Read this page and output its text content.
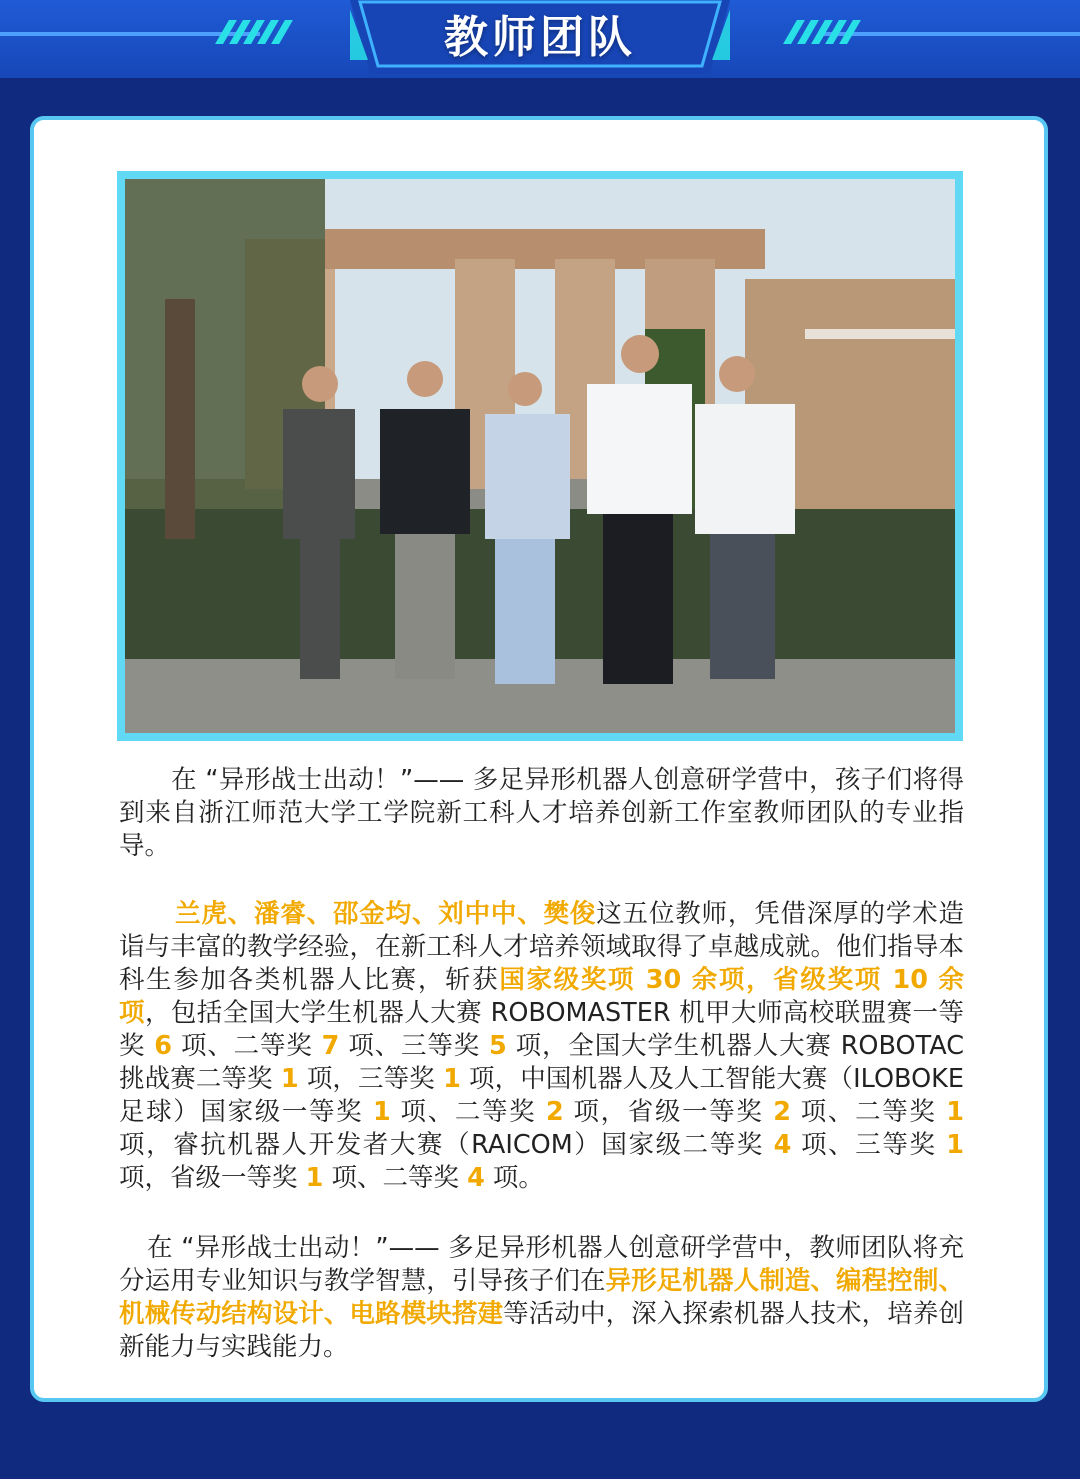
教师团队

在 “异形战士出动！”—— 多足异形机器人创意研学营中，孩子们将得到来自浙江师范大学工学院新工科人才培养创新工作室教师团队的专业指导。

兰虎、潘睿、邵金均、刘中中、樊俊这五位教师，凭借深厚的学术造诣与丰富的教学经验，在新工科人才培养领域取得了卓越成就。他们指导本科生参加各类机器人比赛，斩获国家级奖项 30 余项，省级奖项 10 余项，包括全国大学生机器人大赛 ROBOMASTER 机甲大师高校联盟赛一等奖 6 项、二等奖 7 项、三等奖 5 项，全国大学生机器人大赛 ROBOTAC 挑战赛二等奖 1 项，三等奖 1 项，中国机器人及人工智能大赛（ILOBOKE 足球）国家级一等奖 1 项、二等奖 2 项，省级一等奖 2 项、二等奖 1 项，睿抗机器人开发者大赛（RAICOM）国家级二等奖 4 项、三等奖 1 项，省级一等奖 1 项、二等奖 4 项。

在 “异形战士出动！”—— 多足异形机器人创意研学营中，教师团队将充分运用专业知识与教学智慧，引导孩子们在异形足机器人制造、编程控制、机械传动结构设计、电路模块搭建等活动中，深入探索机器人技术，培养创新能力与实践能力。
